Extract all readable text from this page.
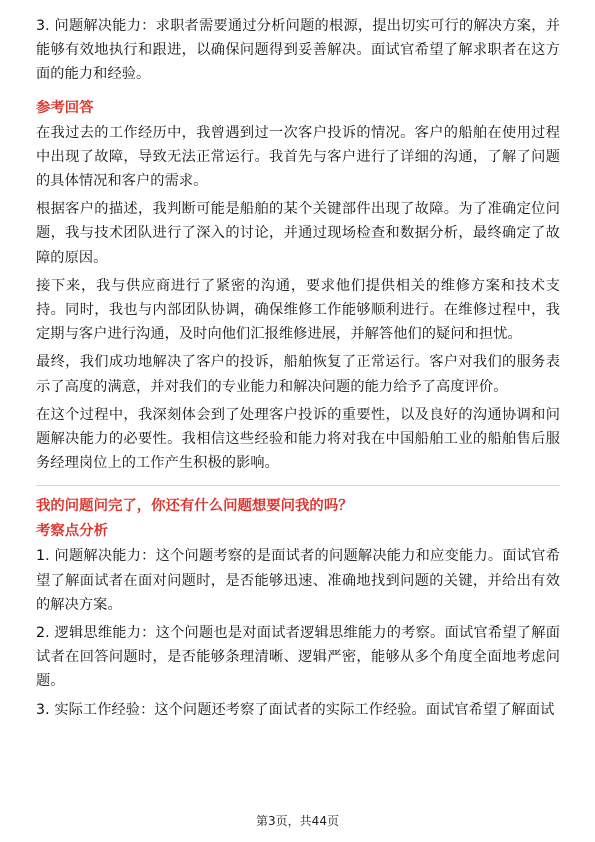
3. 问题解决能力：求职者需要通过分析问题的根源，提出切实可行的解决方案，并能够有效地执行和跟进，以确保问题得到妥善解决。面试官希望了解求职者在这方面的能力和经验。

参考回答

在我过去的工作经历中，我曾遇到过一次客户投诉的情况。客户的船舶在使用过程中出现了故障，导致无法正常运行。我首先与客户进行了详细的沟通，了解了问题的具体情况和客户的需求。

根据客户的描述，我判断可能是船舶的某个关键部件出现了故障。为了准确定位问题，我与技术团队进行了深入的讨论，并通过现场检查和数据分析，最终确定了故障的原因。

接下来，我与供应商进行了紧密的沟通，要求他们提供相关的维修方案和技术支持。同时，我也与内部团队协调，确保维修工作能够顺利进行。在维修过程中，我定期与客户进行沟通，及时向他们汇报维修进展，并解答他们的疑问和担忧。

最终，我们成功地解决了客户的投诉，船舶恢复了正常运行。客户对我们的服务表示了高度的满意，并对我们的专业能力和解决问题的能力给予了高度评价。

在这个过程中，我深刻体会到了处理客户投诉的重要性，以及良好的沟通协调和问题解决能力的必要性。我相信这些经验和能力将对我在中国船舶工业的船舶售后服务经理岗位上的工作产生积极的影响。

我的问题问完了，你还有什么问题想要问我的吗？
考察点分析

1. 问题解决能力：这个问题考察的是面试者的问题解决能力和应变能力。面试官希望了解面试者在面对问题时，是否能够迅速、准确地找到问题的关键，并给出有效的解决方案。

2. 逻辑思维能力：这个问题也是对面试者逻辑思维能力的考察。面试官希望了解面试者在回答问题时，是否能够条理清晰、逻辑严密，能够从多个角度全面地考虑问题。

3. 实际工作经验：这个问题还考察了面试者的实际工作经验。面试官希望了解面试

第3页，共44页
